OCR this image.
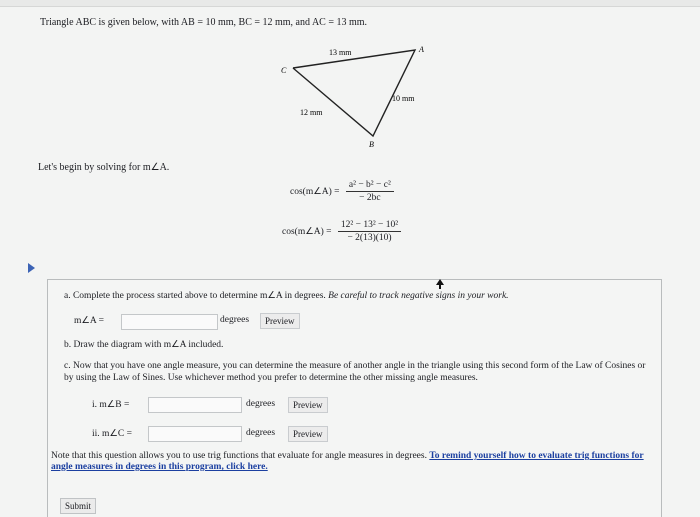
Triangle ABC is given below, with AB = 10 mm, BC = 12 mm, and AC = 13 mm.
13 mm
10 mm
12 mm
A
B
C
Let's begin by solving for m∠A.
cos(m∠A) = $\frac{\text{a² − b² − c²}}{- 2bc}$
cos(m∠A) = $\frac{\text{12² − 13² − 10²}}{- 2(13)(10)}$
a. Complete the process started above to determine m∠A in degrees. Be careful to track negative signs in your work.
m∠A =	degrees	Preview
b. Draw the diagram with m∠A included.
c. Now that you have one angle measure, you can determine the measure of another angle in the triangle using this second form of the Law of Cosines or by using the Law of Sines. Use whichever method you prefer to determine the other missing angle measures.
i. m∠B =	degrees	Preview
ii. m∠C =	degrees	Preview
Note that this question allows you to use trig functions that evaluate for angle measures in degrees. To remind yourself how to evaluate trig functions for angle measures in degrees in this program, click here.
Submit
